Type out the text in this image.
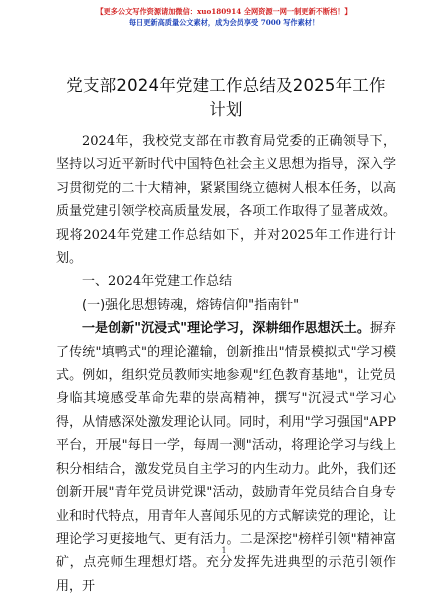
【更多公文写作资源请加微信：xuo180914 全网资源一网一制更新不断档！】
每日更新高质量公文素材，成为会员享受 7000 写作素材！
党支部2024年党建工作总结及2025年工作计划

2024年，我校党支部在市教育局党委的正确领导下，坚持以习近平新时代中国特色社会主义思想为指导，深入学习贯彻党的二十大精神，紧紧围绕立德树人根本任务，以高质量党建引领学校高质量发展，各项工作取得了显著成效。现将2024年党建工作总结如下，并对2025年工作进行计划。

一、2024年党建工作总结
(一)强化思想铸魂，熔铸信仰"指南针"

一是创新"沉浸式"理论学习，深耕细作思想沃土。摒弃了传统"填鸭式"的理论灌输，创新推出"情景模拟式"学习模式。例如，组织党员教师实地参观"红色教育基地"，让党员身临其境感受革命先辈的崇高精神，撰写"沉浸式"学习心得，从情感深处激发理论认同。同时，利用"学习强国"APP平台，开展"每日一学，每周一测"活动，将理论学习与线上积分相结合，激发党员自主学习的内生动力。此外，我们还创新开展"青年党员讲党课"活动，鼓励青年党员结合自身专业和时代特点，用青年人喜闻乐见的方式解读党的理论，让理论学习更接地气、更有活力。二是深挖"榜样引领"精神富矿，点亮师生理想灯塔。充分发挥先进典型的示范引领作用，开

1
